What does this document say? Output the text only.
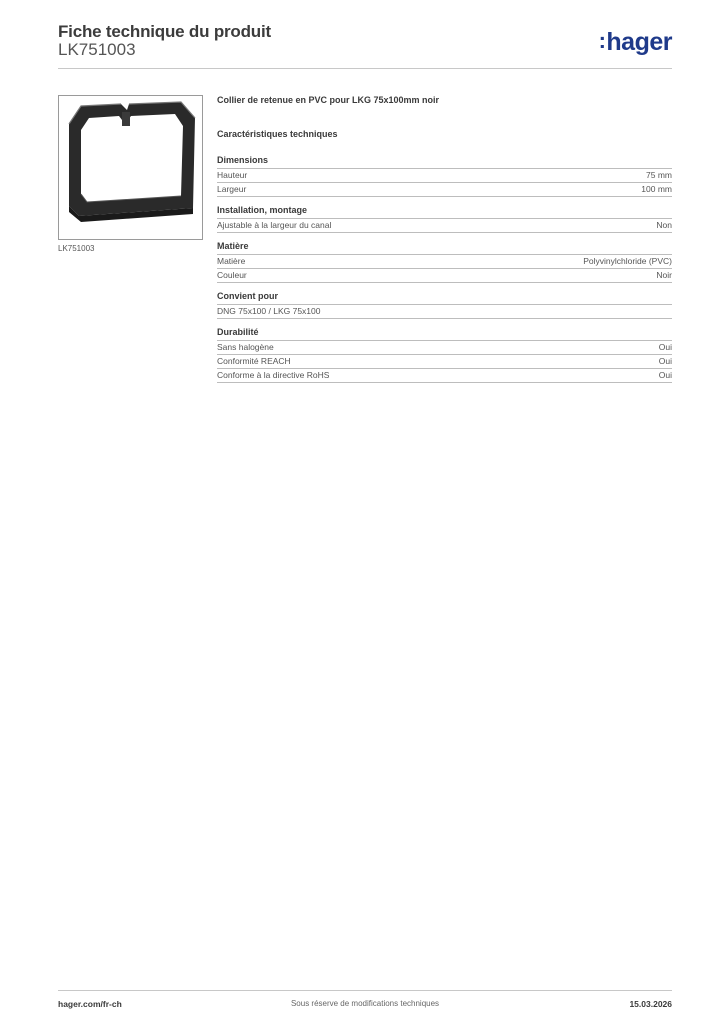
Fiche technique du produit
LK751003	:hager
LK751003
Collier de retenue en PVC pour LKG 75x100mm noir
Caractéristiques techniques
Dimensions
Hauteur	75 mm
Largeur	100 mm
Installation, montage
Ajustable à la largeur du canal	Non
Matière
Matière	Polyvinylchloride (PVC)
Couleur	Noir
Convient pour
DNG 75x100 / LKG 75x100
Durabilité
Sans halogène	Oui
Conformité REACH	Oui
Conforme à la directive RoHS	Oui
hager.com/fr-ch	Sous réserve de modifications techniques	15.03.2026
